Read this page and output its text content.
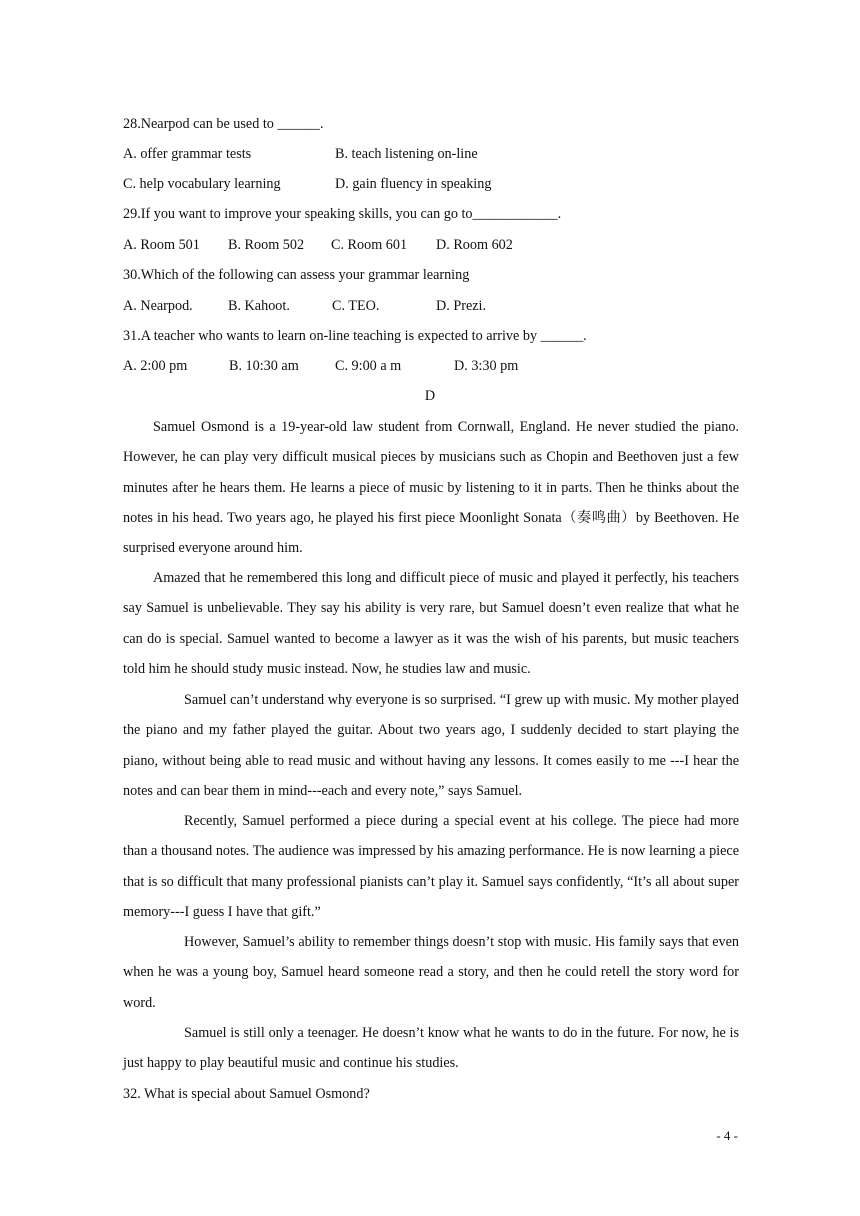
28.Nearpod can be used to ______.
A. offer grammar tests	B. teach listening on-line
C. help vocabulary learning	D. gain fluency in speaking
29.If you want to improve your speaking skills, you can go to____________.
A. Room 501 B. Room 502 C. Room 601 D. Room 602
30.Which of the following can assess your grammar learning
A. Nearpod. B. Kahoot.	C. TEO.	D. Prezi.
31.A teacher who wants to learn on-line teaching is expected to arrive by ______.
A. 2:00 pm	B. 10:30 am	C. 9:00 a m	D. 3:30 pm
D

Samuel Osmond is a 19-year-old law student from Cornwall, England. He never studied the piano. However, he can play very difficult musical pieces by musicians such as Chopin and Beethoven just a few minutes after he hears them. He learns a piece of music by listening to it in parts. Then he thinks about the notes in his head. Two years ago, he played his first piece Moonlight Sonata（奏鸣曲）by Beethoven. He surprised everyone around him.

Amazed that he remembered this long and difficult piece of music and played it perfectly, his teachers say Samuel is unbelievable. They say his ability is very rare, but Samuel doesn’t even realize that what he can do is special. Samuel wanted to become a lawyer as it was the wish of his parents, but music teachers told him he should study music instead. Now, he studies law and music.

Samuel can’t understand why everyone is so surprised. “I grew up with music. My mother played the piano and my father played the guitar. About two years ago, I suddenly decided to start playing the piano, without being able to read music and without having any lessons. It comes easily to me ---I hear the notes and can bear them in mind---each and every note,” says Samuel.

Recently, Samuel performed a piece during a special event at his college. The piece had more than a thousand notes. The audience was impressed by his amazing performance. He is now learning a piece that is so difficult that many professional pianists can’t play it. Samuel says confidently, “It’s all about super memory---I guess I have that gift.”

However, Samuel’s ability to remember things doesn’t stop with music. His family says that even when he was a young boy, Samuel heard someone read a story, and then he could retell the story word for word.

Samuel is still only a teenager. He doesn’t know what he wants to do in the future. For now, he is just happy to play beautiful music and continue his studies.

32. What is special about Samuel Osmond?
- 4 -
